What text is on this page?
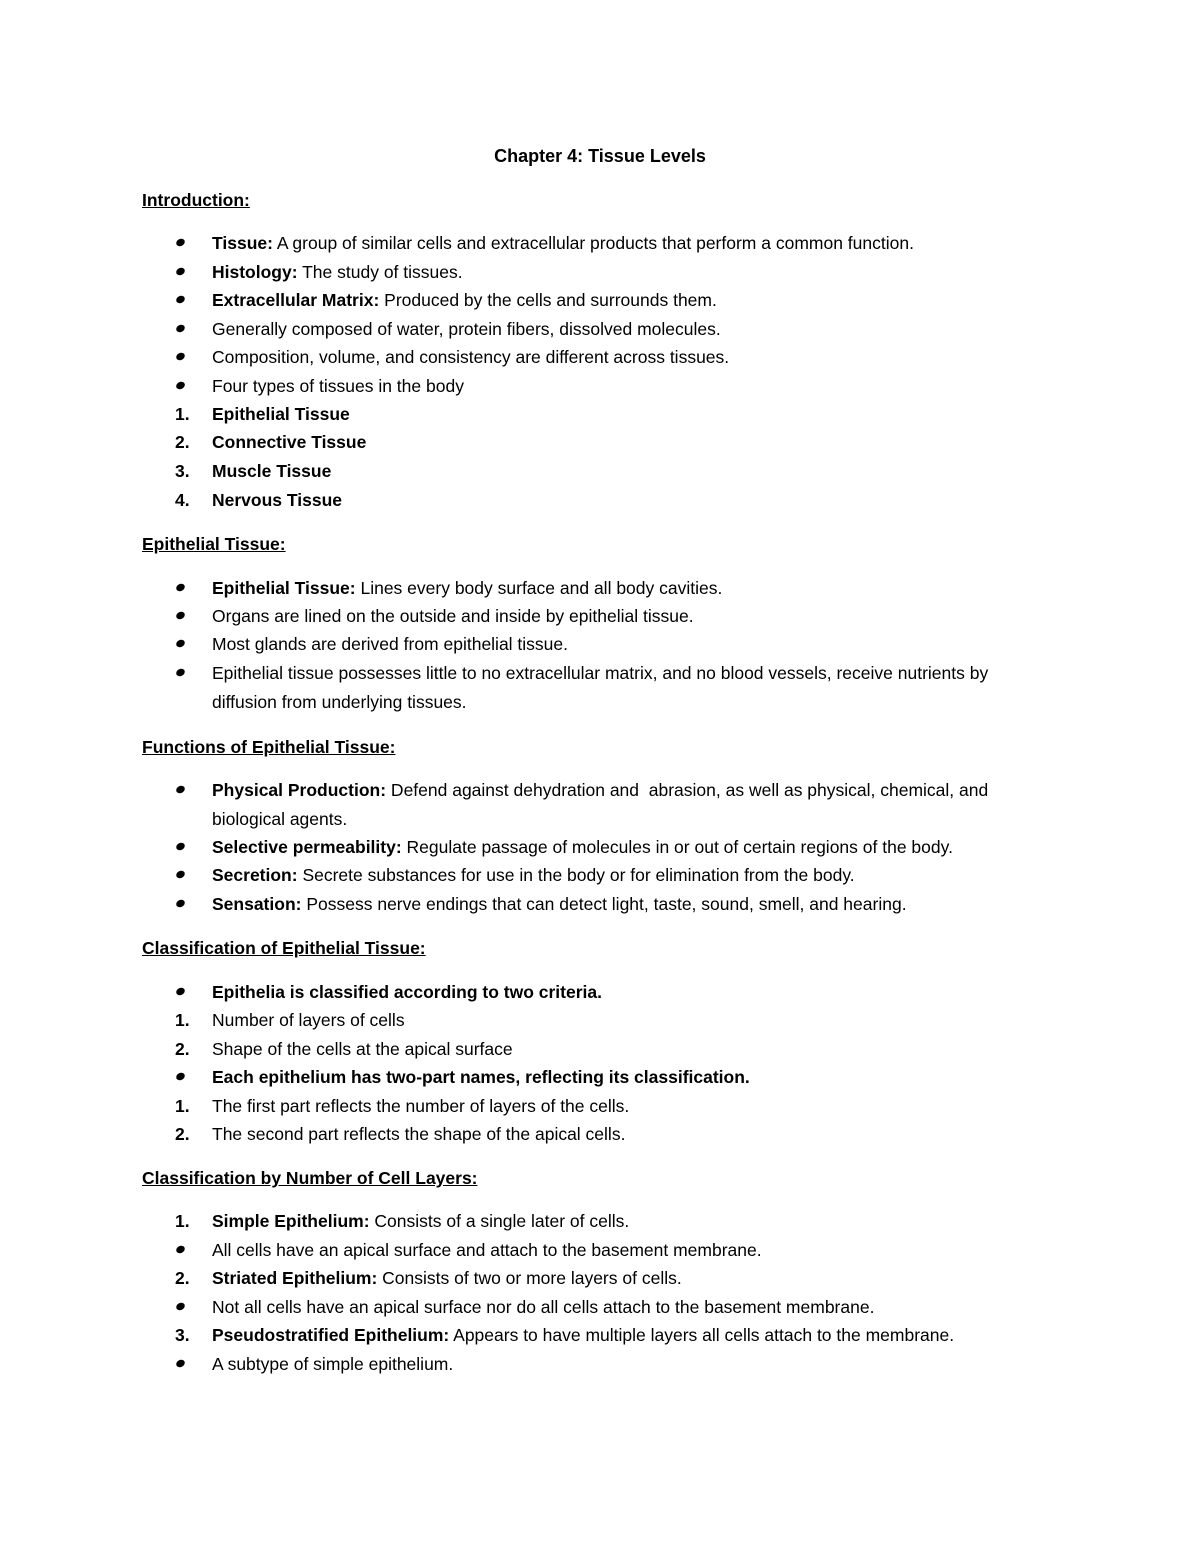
Chapter 4: Tissue Levels
Introduction:
Tissue: A group of similar cells and extracellular products that perform a common function.
Histology: The study of tissues.
Extracellular Matrix: Produced by the cells and surrounds them.
Generally composed of water, protein fibers, dissolved molecules.
Composition, volume, and consistency are different across tissues.
Four types of tissues in the body
1. Epithelial Tissue
2. Connective Tissue
3. Muscle Tissue
4. Nervous Tissue
Epithelial Tissue:
Epithelial Tissue: Lines every body surface and all body cavities.
Organs are lined on the outside and inside by epithelial tissue.
Most glands are derived from epithelial tissue.
Epithelial tissue possesses little to no extracellular matrix, and no blood vessels, receive nutrients by diffusion from underlying tissues.
Functions of Epithelial Tissue:
Physical Production: Defend against dehydration and  abrasion, as well as physical, chemical, and biological agents.
Selective permeability: Regulate passage of molecules in or out of certain regions of the body.
Secretion: Secrete substances for use in the body or for elimination from the body.
Sensation: Possess nerve endings that can detect light, taste, sound, smell, and hearing.
Classification of Epithelial Tissue:
Epithelia is classified according to two criteria.
1. Number of layers of cells
2. Shape of the cells at the apical surface
Each epithelium has two-part names, reflecting its classification.
1. The first part reflects the number of layers of the cells.
2. The second part reflects the shape of the apical cells.
Classification by Number of Cell Layers:
1. Simple Epithelium: Consists of a single later of cells.
All cells have an apical surface and attach to the basement membrane.
2. Striated Epithelium: Consists of two or more layers of cells.
Not all cells have an apical surface nor do all cells attach to the basement membrane.
3. Pseudostratified Epithelium: Appears to have multiple layers all cells attach to the membrane.
A subtype of simple epithelium.
